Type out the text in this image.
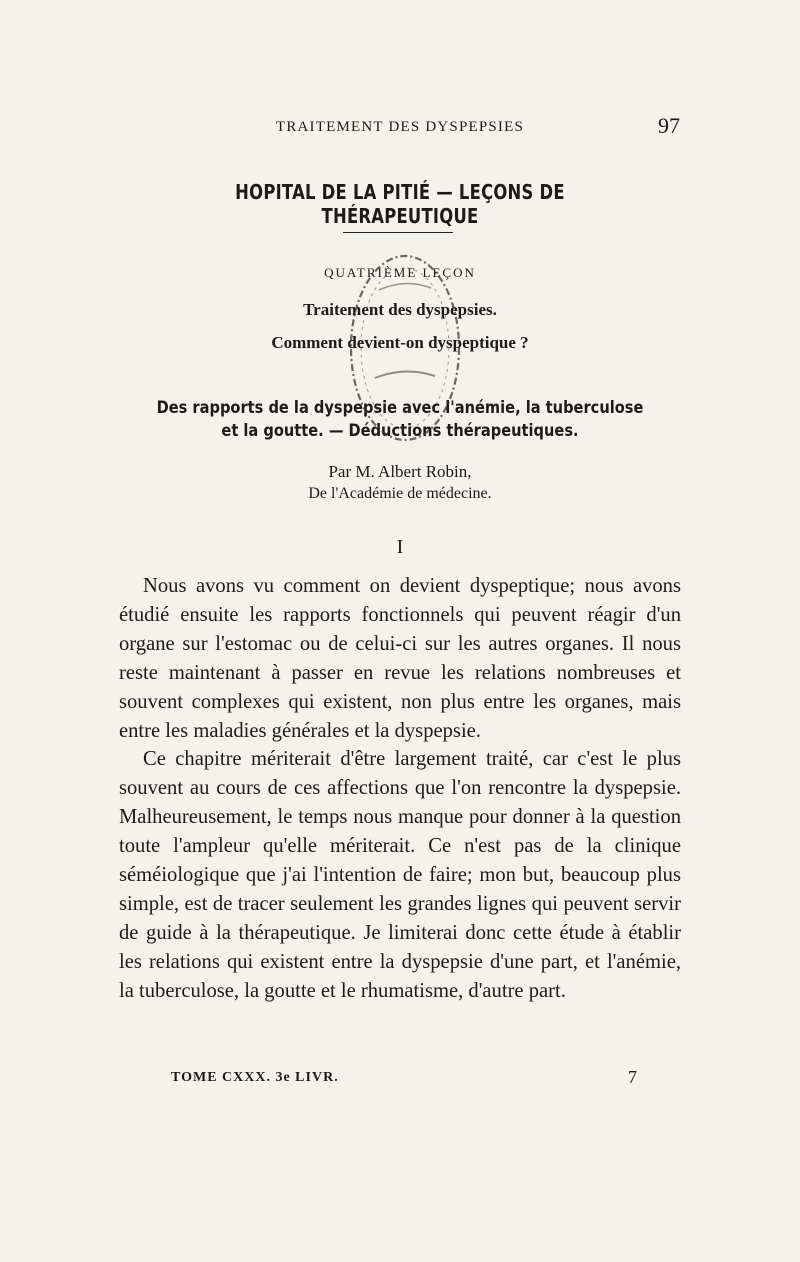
TRAITEMENT DES DYSPEPSIES	97
HOPITAL DE LA PITIÉ — LEÇONS DE THÉRAPEUTIQUE
QUATRIÈME LEÇON
Traitement des dyspepsies.
Comment devient-on dyspeptique ?
Des rapports de la dyspepsie avec l'anémie, la tuberculose
et la goutte. — Déductions thérapeutiques.
Par M. Albert Robin,
De l'Académie de médecine.
I

Nous avons vu comment on devient dyspeptique; nous avons étudié ensuite les rapports fonctionnels qui peuvent réagir d'un organe sur l'estomac ou de celui-ci sur les autres organes. Il nous reste maintenant à passer en revue les relations nombreuses et souvent complexes qui existent, non plus entre les organes, mais entre les maladies générales et la dyspepsie.

Ce chapitre mériterait d'être largement traité, car c'est le plus souvent au cours de ces affections que l'on rencontre la dyspepsie. Malheureusement, le temps nous manque pour donner à la question toute l'ampleur qu'elle mériterait. Ce n'est pas de la clinique séméiologique que j'ai l'intention de faire; mon but, beaucoup plus simple, est de tracer seulement les grandes lignes qui peuvent servir de guide à la thérapeutique. Je limiterai donc cette étude à établir les relations qui existent entre la dyspepsie d'une part, et l'anémie, la tuberculose, la goutte et le rhumatisme, d'autre part.

TOME CXXX. 3e LIVR.	7
